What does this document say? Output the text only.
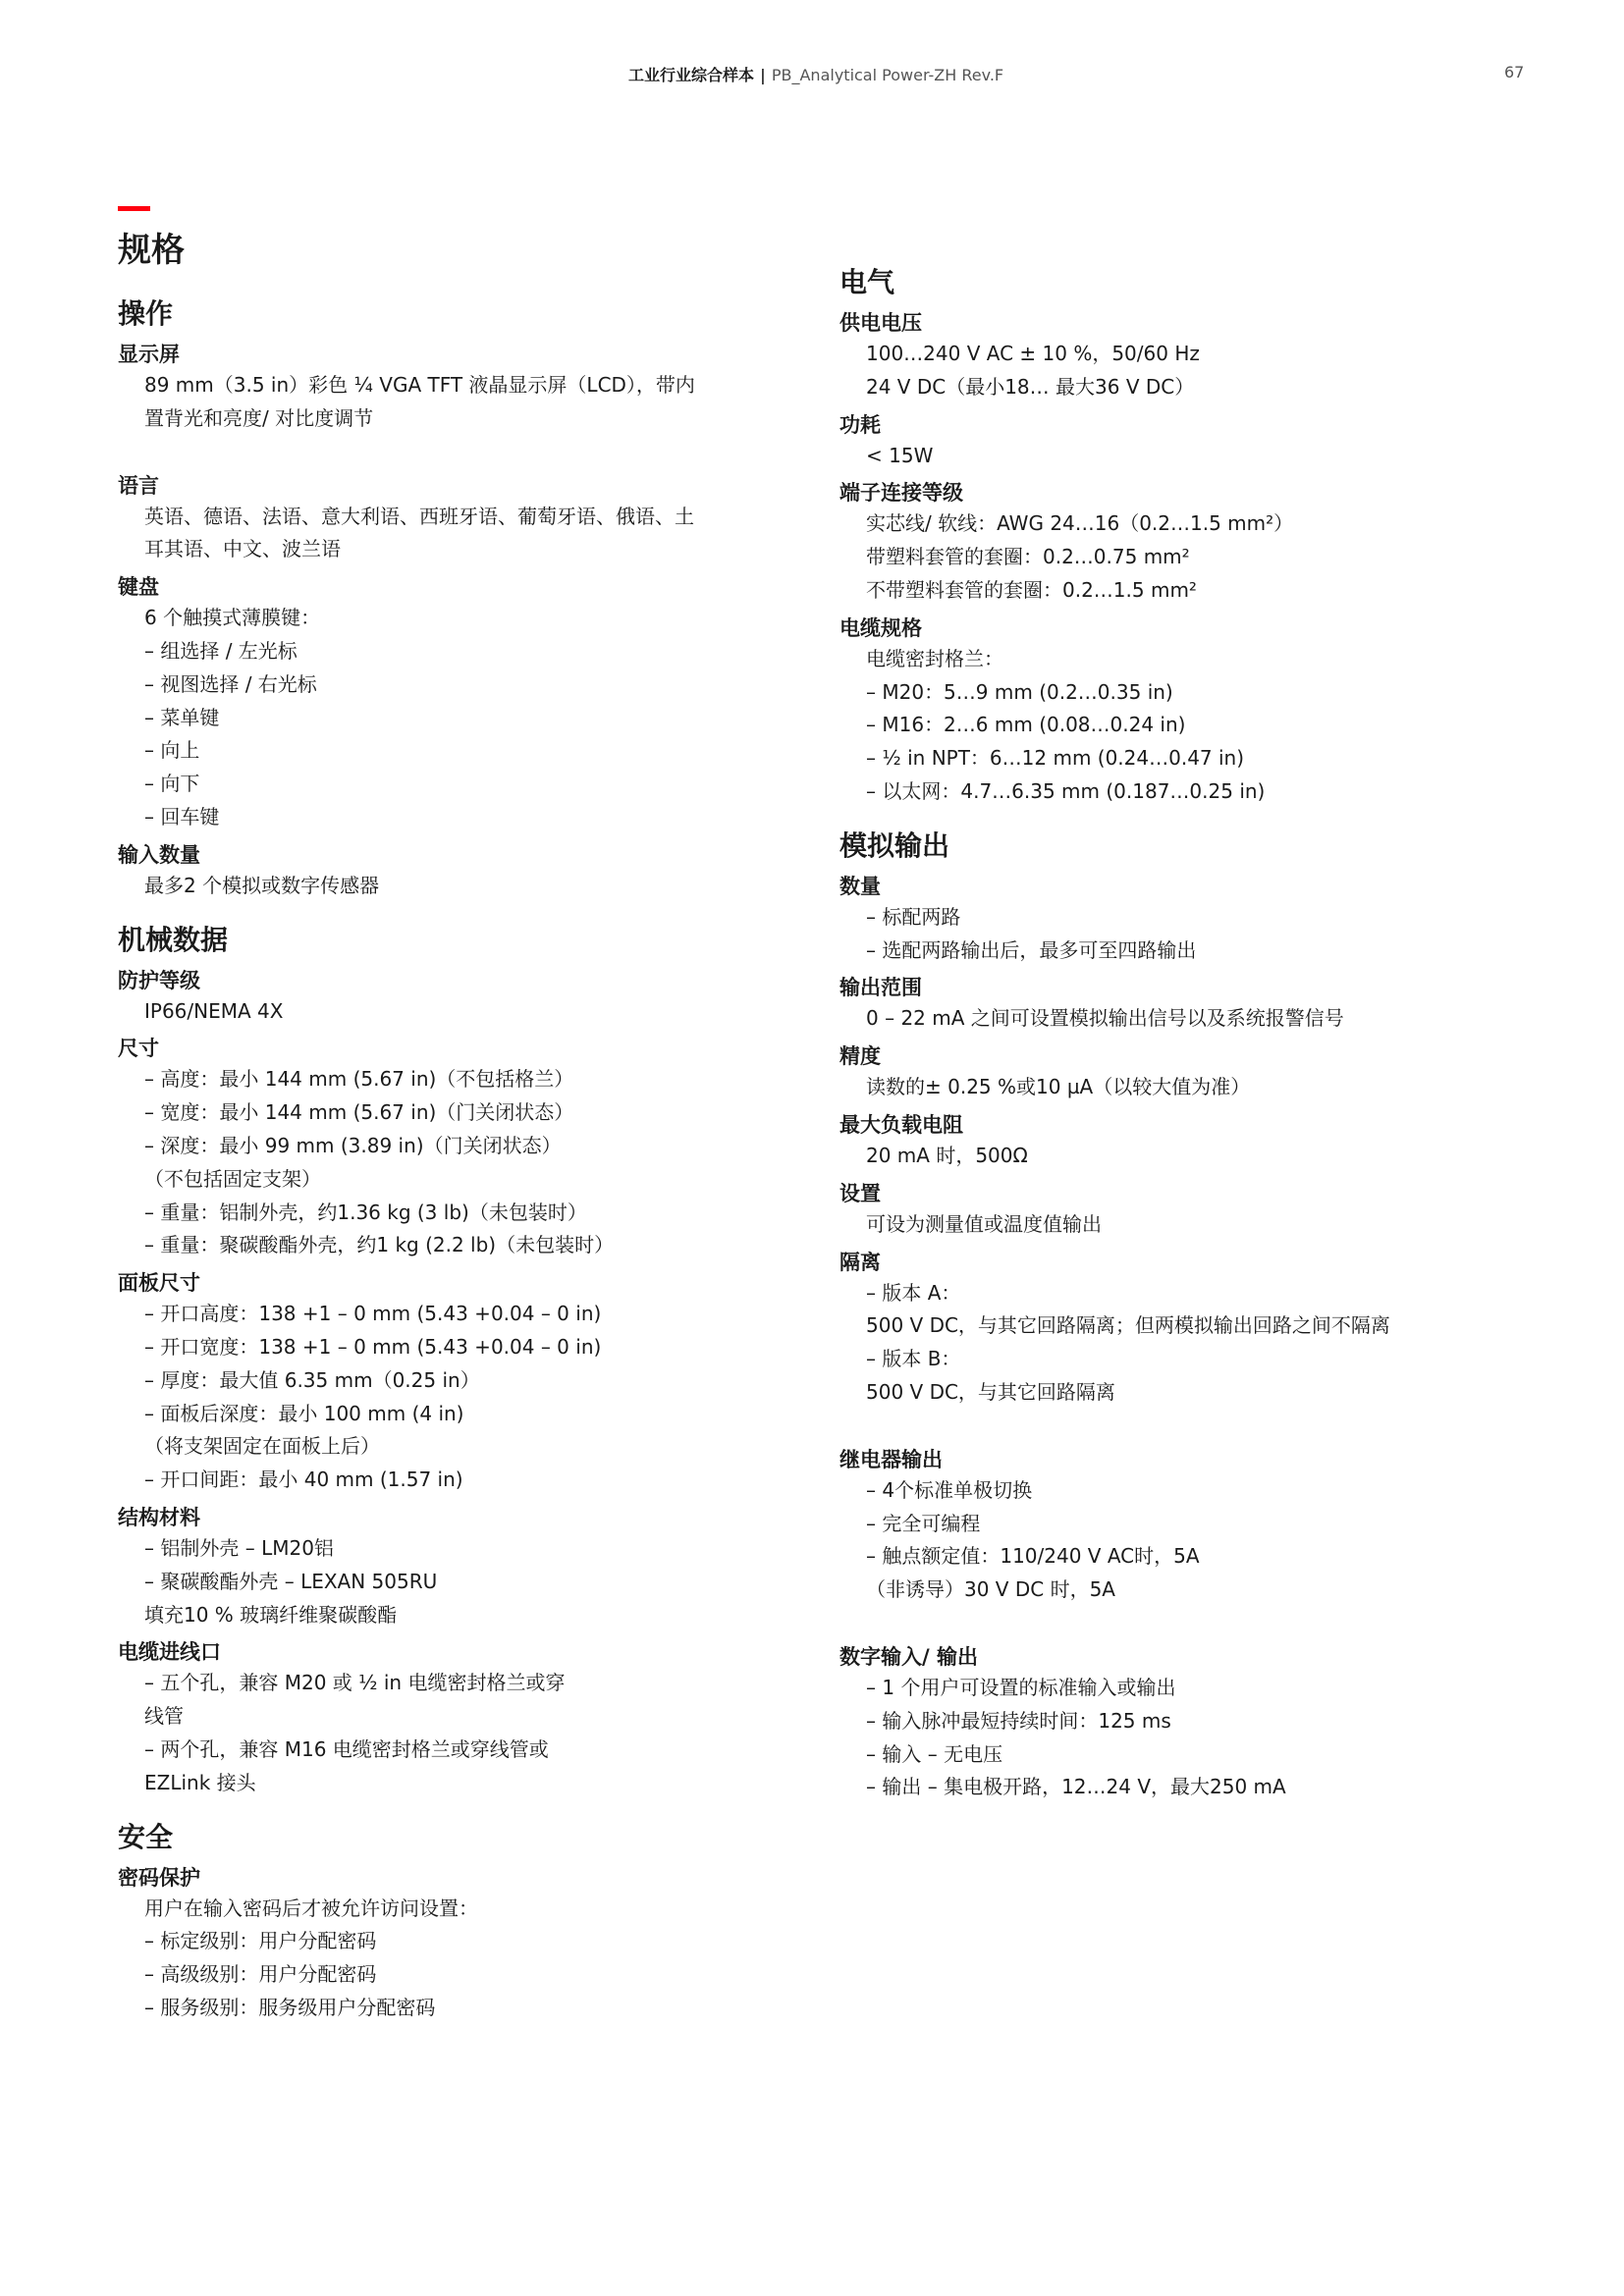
工业行业综合样本 | PB_Analytical Power-ZH Rev.F	67
规格
操作
显示屏
89 mm（3.5 in）彩色 ¼ VGA TFT 液晶显示屏（LCD），带内
置背光和亮度/ 对比度调节
语言
英语、德语、法语、意大利语、西班牙语、葡萄牙语、俄语、土
耳其语、中文、波兰语
键盘
6 个触摸式薄膜键：
– 组选择 / 左光标
– 视图选择 / 右光标
– 菜单键
– 向上
– 向下
– 回车键
输入数量
最多2 个模拟或数字传感器
机械数据
防护等级
IP66/NEMA 4X
尺寸
– 高度：最小 144 mm (5.67 in)（不包括格兰）
– 宽度：最小 144 mm (5.67 in)（门关闭状态）
– 深度：最小 99 mm (3.89 in)（门关闭状态）
（不包括固定支架）
– 重量：铝制外壳，约1.36 kg (3 lb)（未包装时）
– 重量：聚碳酸酯外壳，约1 kg (2.2 lb)（未包装时）
面板尺寸
– 开口高度：138 +1 – 0 mm (5.43 +0.04 – 0 in)
– 开口宽度：138 +1 – 0 mm (5.43 +0.04 – 0 in)
– 厚度：最大值 6.35 mm（0.25 in）
– 面板后深度：最小 100 mm (4 in)
（将支架固定在面板上后）
– 开口间距：最小 40 mm (1.57 in)
结构材料
– 铝制外壳 – LM20铝
– 聚碳酸酯外壳 – LEXAN 505RU
填充10 % 玻璃纤维聚碳酸酯
电缆进线口
– 五个孔，兼容 M20 或 ½ in 电缆密封格兰或穿
线管
– 两个孔，兼容 M16 电缆密封格兰或穿线管或
EZLink 接头
安全
密码保护
用户在输入密码后才被允许访问设置：
– 标定级别：用户分配密码
– 高级级别：用户分配密码
– 服务级别：服务级用户分配密码
电气
供电电压
100…240 V AC ± 10 %，50/60 Hz
24 V DC（最小18… 最大36 V DC）
功耗
< 15W
端子连接等级
实芯线/ 软线：AWG 24…16（0.2…1.5 mm²）
带塑料套管的套圈：0.2…0.75 mm²
不带塑料套管的套圈：0.2…1.5 mm²
电缆规格
电缆密封格兰：
– M20：5…9 mm (0.2…0.35 in)
– M16：2…6 mm (0.08…0.24 in)
– ½ in NPT：6…12 mm (0.24…0.47 in)
– 以太网：4.7…6.35 mm (0.187…0.25 in)
模拟输出
数量
– 标配两路
– 选配两路输出后，最多可至四路输出
输出范围
0 – 22 mA 之间可设置模拟输出信号以及系统报警信号
精度
读数的± 0.25 %或10 µA（以较大值为准）
最大负载电阻
20 mA 时，500Ω
设置
可设为测量值或温度值输出
隔离
– 版本 A：
500 V DC，与其它回路隔离；但两模拟输出回路之间不隔离
– 版本 B：
500 V DC，与其它回路隔离
继电器输出
– 4个标准单极切换
– 完全可编程
– 触点额定值：110/240 V AC时，5A
（非诱导）30 V DC 时，5A
数字输入/ 输出
– 1 个用户可设置的标准输入或输出
– 输入脉冲最短持续时间：125 ms
– 输入 – 无电压
– 输出 – 集电极开路，12…24 V，最大250 mA
